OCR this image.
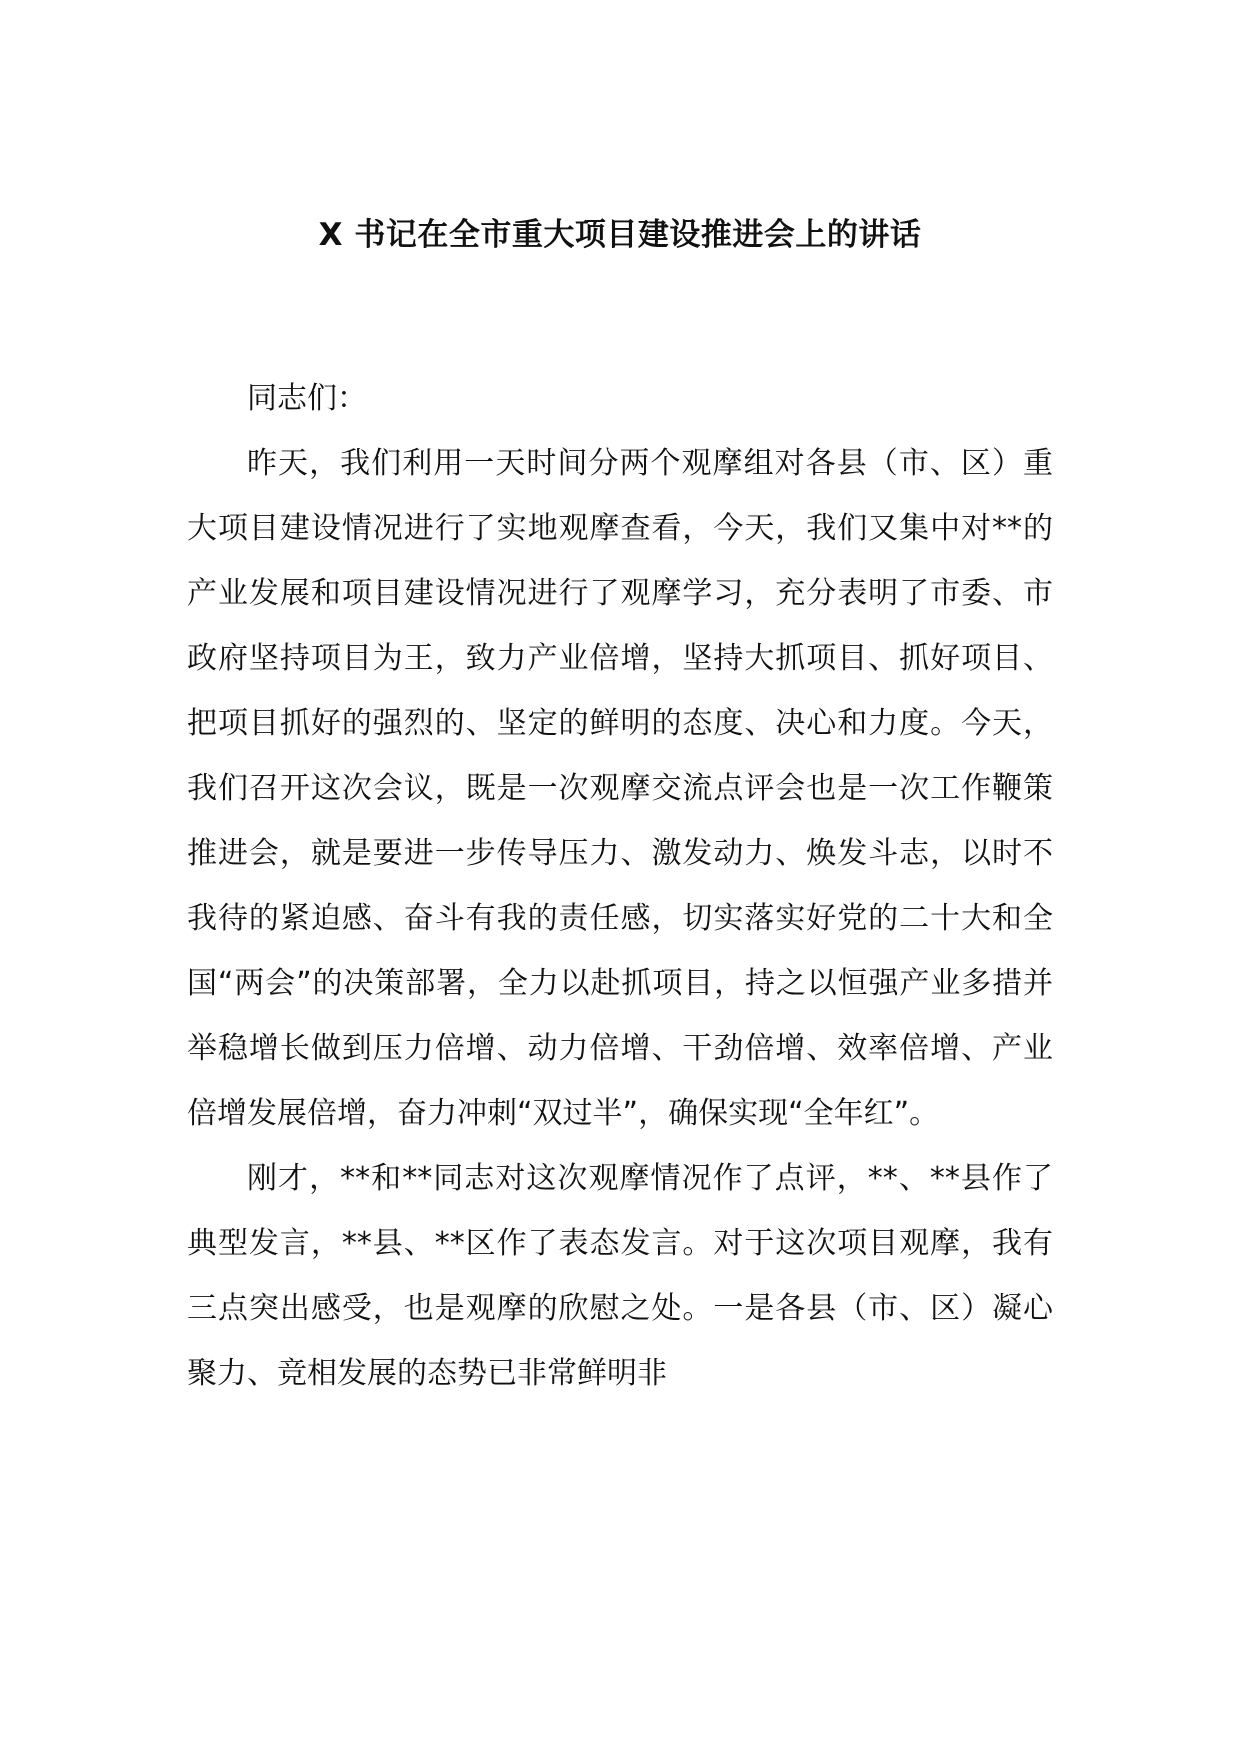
X 书记在全市重大项目建设推进会上的讲话

同志们：

昨天，我们利用一天时间分两个观摩组对各县（市、区）重大项目建设情况进行了实地观摩查看，今天，我们又集中对**的产业发展和项目建设情况进行了观摩学习，充分表明了市委、市政府坚持项目为王，致力产业倍增，坚持大抓项目、抓好项目、把项目抓好的强烈的、坚定的鲜明的态度、决心和力度。今天，我们召开这次会议，既是一次观摩交流点评会也是一次工作鞭策推进会，就是要进一步传导压力、激发动力、焕发斗志，以时不我待的紧迫感、奋斗有我的责任感，切实落实好党的二十大和全国“两会”的决策部署，全力以赴抓项目，持之以恒强产业多措并举稳增长做到压力倍增、动力倍增、干劲倍增、效率倍增、产业倍增发展倍增，奋力冲刺“双过半”，确保实现“全年红”。

刚才，**和**同志对这次观摩情况作了点评，**、**县作了典型发言，**县、**区作了表态发言。对于这次项目观摩，我有三点突出感受，也是观摩的欣慰之处。一是各县（市、区）凝心聚力、竞相发展的态势已非常鲜明非
